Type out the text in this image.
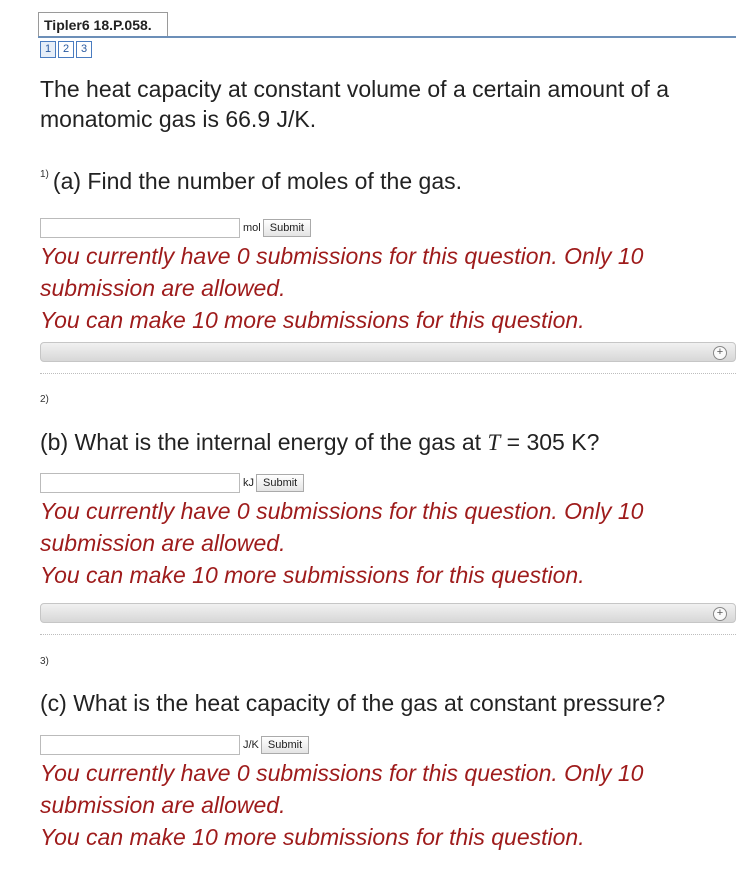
Tipler6 18.P.058.
1	2	3
The heat capacity at constant volume of a certain amount of a monatomic gas is 66.9 J/K.
$^{1)}$ (a) Find the number of moles of the gas.
mol Submit
You currently have 0 submissions for this question. Only 10 submission are allowed.
You can make 10 more submissions for this question.
+
2)
(b) What is the internal energy of the gas at T = 305 K?
kJ Submit
You currently have 0 submissions for this question. Only 10 submission are allowed.
You can make 10 more submissions for this question.
+
3)
(c) What is the heat capacity of the gas at constant pressure?
J/K Submit
You currently have 0 submissions for this question. Only 10 submission are allowed.
You can make 10 more submissions for this question.
